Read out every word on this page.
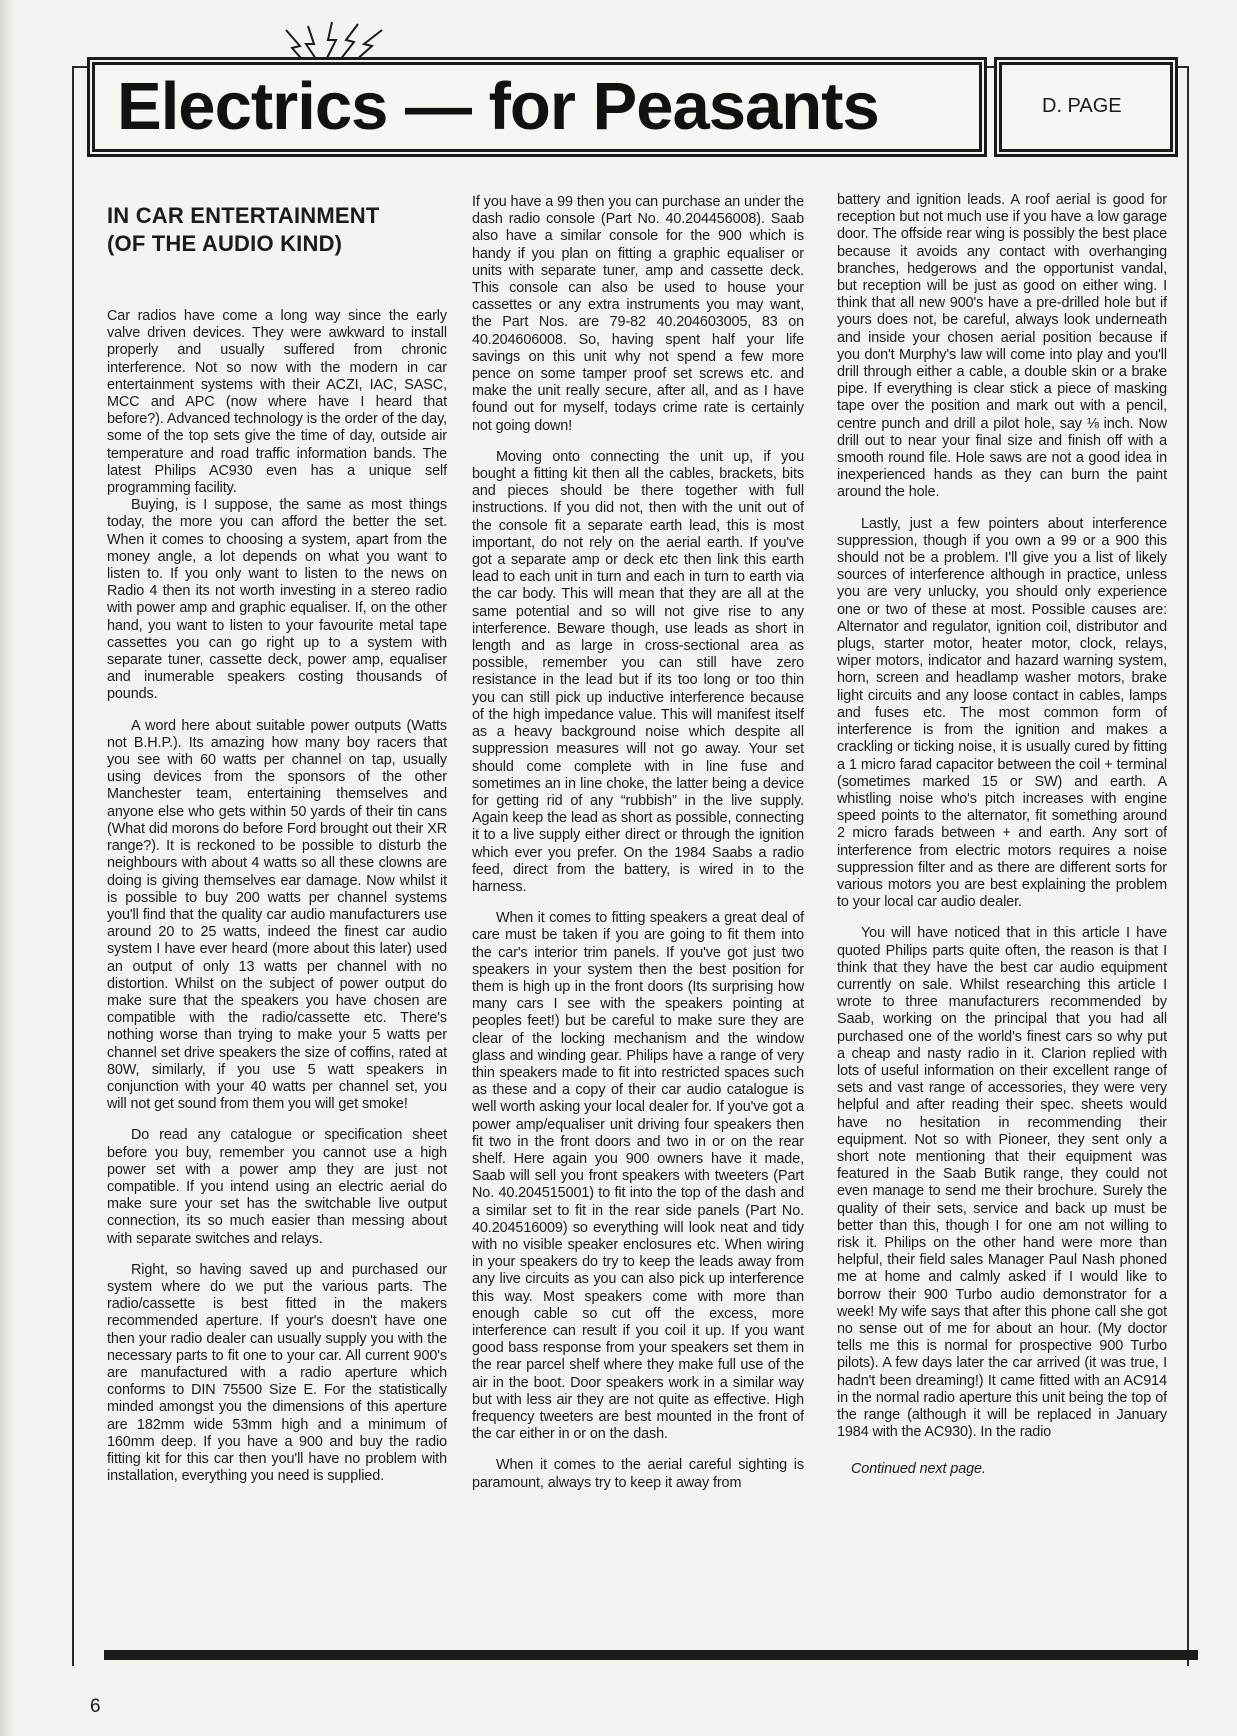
Electrics — for Peasants	D. PAGE
IN CAR ENTERTAINMENT
(OF THE AUDIO KIND)

Car radios have come a long way since the early valve driven devices. They were awkward to install properly and usually suffered from chronic interference. Not so now with the modern in car entertainment systems with their ACZI, IAC, SASC, MCC and APC (now where have I heard that before?). Advanced technology is the order of the day, some of the top sets give the time of day, outside air temperature and road traffic information bands. The latest Philips AC930 even has a unique self programming facility.

Buying, is I suppose, the same as most things today, the more you can afford the better the set. When it comes to choosing a system, apart from the money angle, a lot depends on what you want to listen to. If you only want to listen to the news on Radio 4 then its not worth investing in a stereo radio with power amp and graphic equaliser. If, on the other hand, you want to listen to your favourite metal tape cassettes you can go right up to a system with separate tuner, cassette deck, power amp, equaliser and inumerable speakers costing thousands of pounds.

A word here about suitable power outputs (Watts not B.H.P.). Its amazing how many boy racers that you see with 60 watts per channel on tap, usually using devices from the sponsors of the other Manchester team, entertaining themselves and anyone else who gets within 50 yards of their tin cans (What did morons do before Ford brought out their XR range?). It is reckoned to be possible to disturb the neighbours with about 4 watts so all these clowns are doing is giving themselves ear damage. Now whilst it is possible to buy 200 watts per channel systems you'll find that the quality car audio manufacturers use around 20 to 25 watts, indeed the finest car audio system I have ever heard (more about this later) used an output of only 13 watts per channel with no distortion. Whilst on the subject of power output do make sure that the speakers you have chosen are compatible with the radio/cassette etc. There's nothing worse than trying to make your 5 watts per channel set drive speakers the size of coffins, rated at 80W, similarly, if you use 5 watt speakers in conjunction with your 40 watts per channel set, you will not get sound from them you will get smoke!

Do read any catalogue or specification sheet before you buy, remember you cannot use a high power set with a power amp they are just not compatible. If you intend using an electric aerial do make sure your set has the switchable live output connection, its so much easier than messing about with separate switches and relays.

Right, so having saved up and purchased our system where do we put the various parts. The radio/cassette is best fitted in the makers recommended aperture. If your's doesn't have one then your radio dealer can usually supply you with the necessary parts to fit one to your car. All current 900's are manufactured with a radio aperture which conforms to DIN 75500 Size E. For the statistically minded amongst you the dimensions of this aperture are 182mm wide 53mm high and a minimum of 160mm deep. If you have a 900 and buy the radio fitting kit for this car then you'll have no problem with installation, everything you need is supplied.

If you have a 99 then you can purchase an under the dash radio console (Part No. 40.204456008). Saab also have a similar console for the 900 which is handy if you plan on fitting a graphic equaliser or units with separate tuner, amp and cassette deck. This console can also be used to house your cassettes or any extra instruments you may want, the Part Nos. are 79-82 40.204603005, 83 on 40.204606008. So, having spent half your life savings on this unit why not spend a few more pence on some tamper proof set screws etc. and make the unit really secure, after all, and as I have found out for myself, todays crime rate is certainly not going down!

Moving onto connecting the unit up, if you bought a fitting kit then all the cables, brackets, bits and pieces should be there together with full instructions. If you did not, then with the unit out of the console fit a separate earth lead, this is most important, do not rely on the aerial earth. If you've got a separate amp or deck etc then link this earth lead to each unit in turn and each in turn to earth via the car body. This will mean that they are all at the same potential and so will not give rise to any interference. Beware though, use leads as short in length and as large in cross-sectional area as possible, remember you can still have zero resistance in the lead but if its too long or too thin you can still pick up inductive interference because of the high impedance value. This will manifest itself as a heavy background noise which despite all suppression measures will not go away. Your set should come complete with in line fuse and sometimes an in line choke, the latter being a device for getting rid of any “rubbish” in the live supply. Again keep the lead as short as possible, connecting it to a live supply either direct or through the ignition which ever you prefer. On the 1984 Saabs a radio feed, direct from the battery, is wired in to the harness.

When it comes to fitting speakers a great deal of care must be taken if you are going to fit them into the car's interior trim panels. If you've got just two speakers in your system then the best position for them is high up in the front doors (Its surprising how many cars I see with the speakers pointing at peoples feet!) but be careful to make sure they are clear of the locking mechanism and the window glass and winding gear. Philips have a range of very thin speakers made to fit into restricted spaces such as these and a copy of their car audio catalogue is well worth asking your local dealer for. If you've got a power amp/equaliser unit driving four speakers then fit two in the front doors and two in or on the rear shelf. Here again you 900 owners have it made, Saab will sell you front speakers with tweeters (Part No. 40.204515001) to fit into the top of the dash and a similar set to fit in the rear side panels (Part No. 40.204516009) so everything will look neat and tidy with no visible speaker enclosures etc. When wiring in your speakers do try to keep the leads away from any live circuits as you can also pick up interference this way. Most speakers come with more than enough cable so cut off the excess, more interference can result if you coil it up. If you want good bass response from your speakers set them in the rear parcel shelf where they make full use of the air in the boot. Door speakers work in a similar way but with less air they are not quite as effective. High frequency tweeters are best mounted in the front of the car either in or on the dash.

When it comes to the aerial careful sighting is paramount, always try to keep it away from

battery and ignition leads. A roof aerial is good for reception but not much use if you have a low garage door. The offside rear wing is possibly the best place because it avoids any contact with overhanging branches, hedgerows and the opportunist vandal, but reception will be just as good on either wing. I think that all new 900's have a pre-drilled hole but if yours does not, be careful, always look underneath and inside your chosen aerial position because if you don't Murphy's law will come into play and you'll drill through either a cable, a double skin or a brake pipe. If everything is clear stick a piece of masking tape over the position and mark out with a pencil, centre punch and drill a pilot hole, say ⅛ inch. Now drill out to near your final size and finish off with a smooth round file. Hole saws are not a good idea in inexperienced hands as they can burn the paint around the hole.

Lastly, just a few pointers about interference suppression, though if you own a 99 or a 900 this should not be a problem. I'll give you a list of likely sources of interference although in practice, unless you are very unlucky, you should only experience one or two of these at most. Possible causes are: Alternator and regulator, ignition coil, distributor and plugs, starter motor, heater motor, clock, relays, wiper motors, indicator and hazard warning system, horn, screen and headlamp washer motors, brake light circuits and any loose contact in cables, lamps and fuses etc. The most common form of interference is from the ignition and makes a crackling or ticking noise, it is usually cured by fitting a 1 micro farad capacitor between the coil + terminal (sometimes marked 15 or SW) and earth. A whistling noise who's pitch increases with engine speed points to the alternator, fit something around 2 micro farads between + and earth. Any sort of interference from electric motors requires a noise suppression filter and as there are different sorts for various motors you are best explaining the problem to your local car audio dealer.

You will have noticed that in this article I have quoted Philips parts quite often, the reason is that I think that they have the best car audio equipment currently on sale. Whilst researching this article I wrote to three manufacturers recommended by Saab, working on the principal that you had all purchased one of the world's finest cars so why put a cheap and nasty radio in it. Clarion replied with lots of useful information on their excellent range of sets and vast range of accessories, they were very helpful and after reading their spec. sheets would have no hesitation in recommending their equipment. Not so with Pioneer, they sent only a short note mentioning that their equipment was featured in the Saab Butik range, they could not even manage to send me their brochure. Surely the quality of their sets, service and back up must be better than this, though I for one am not willing to risk it. Philips on the other hand were more than helpful, their field sales Manager Paul Nash phoned me at home and calmly asked if I would like to borrow their 900 Turbo audio demonstrator for a week! My wife says that after this phone call she got no sense out of me for about an hour. (My doctor tells me this is normal for prospective 900 Turbo pilots). A few days later the car arrived (it was true, I hadn't been dreaming!) It came fitted with an AC914 in the normal radio aperture this unit being the top of the range (although it will be replaced in January 1984 with the AC930). In the radio

Continued next page.

6
